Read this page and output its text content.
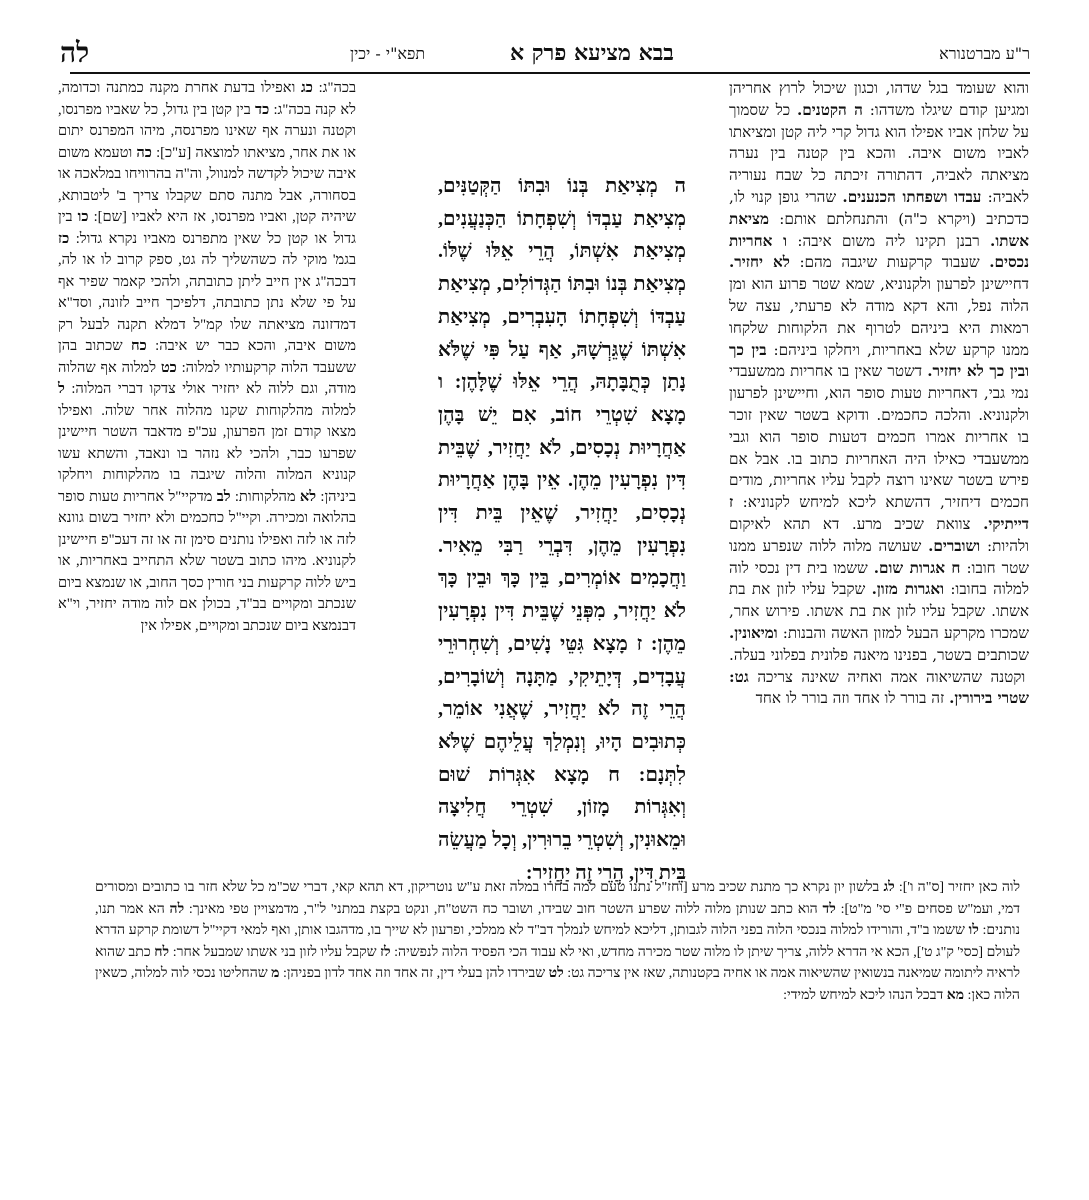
לה	תפא"י - יכין	בבא מציעא פרק א	ר"ע מברטנורא
והוא שעומד בגל שדהו, וכגון שיכול לרוץ אחריהן ומגיען קודם שיגלו משדהו: ה הקטנים. כל שסמוך על שלחן אביו אפילו הוא גדול קרי ליה קטן ומציאתו לאביו משום איבה. והכא בין קטנה בין נערה מציאתה לאביה, דהתורה זיכתה כל שבח נעוריה לאביה: עבדו ושפחתו הכנענים. שהרי גופן קנוי לו, כדכתיב (ויקרא כ"ה) והתנחלתם אותם: מציאת אשתו. רבנן תקינו ליה משום איבה: ו אחריות נכסים. שעבוד קרקעות שיגבה מהם: לא יחזיר. דחיישינן לפרעון ולקנוניא, שמא שטר פרוע הוא ומן הלוה נפל, והא דקא מודה לא פרעתי, עצה של רמאות היא ביניהם לטרוף את הלקוחות שלקחו ממנו קרקע שלא באחריות, ויחלקו ביניהם: בין כך ובין כך לא יחזיר. דשטר שאין בו אחריות ממשעבדי נמי גבי, דאחריות טעות סופר הוא, וחיישינן לפרעון ולקנוניא. והלכה כחכמים. ודוקא בשטר שאין זוכר בו אחריות אמרו חכמים דטעות סופר הוא וגבי ממשעבדי כאילו היה האחריות כתוב בו. אבל אם פירש בשטר שאינו רוצה לקבל עליו אחריות, מודים חכמים דיחזיר, דהשתא ליכא למיחש לקנוניא: ז דייתיקי. צוואת שכיב מרע. דא תהא לאיקום ולהיות: ושוברים. שעושה מלוה ללוה שנפרע ממנו שטר חובו: ח אגרות שום. ששמו בית דין נכסי לוה למלוה בחובו: ואגרות מזון. שקבל עליו לזון את בת אשתו. שקבל עליו לזון את בת אשתו. פירוש אחר, שמכרו מקרקע הבעל למזון האשה והבנות: ומיאונין. שכותבים בשטר, בפנינו מיאנה פלונית בפלוני בעלה. וקטנה שהשיאוה אמה ואחיה שאינה צריכה גט: שטרי בירורין. זה בורר לו אחד וזה בורר לו אחד
ה מְצִיאַת בְּנוֹ וּבִתּוֹ הַקְּטַנִּים, מְצִיאַת עַבְדּוֹ וְשִׁפְחָתוֹ הַכְּנַעֲנִים, מְצִיאַת אִשְׁתּוֹ, הֲרֵי אֵלּוּ שֶׁלּוֹ. מְצִיאַת בְּנוֹ וּבִתּוֹ הַגְּדוֹלִים, מְצִיאַת עַבְדּוֹ וְשִׁפְחָתוֹ הָעִבְרִים, מְצִיאַת אִשְׁתּוֹ שֶׁגֵּרְשָׁהּ, אַף עַל פִּי שֶׁלֹּא נָתַן כְּתֻבָּתָהּ, הֲרֵי אֵלּוּ שֶׁלָּהֶן: ו מָצָא שִׁטְרֵי חוֹב, אִם יֵשׁ בָּהֶן אַחֲרָיוּת נְכָסִים, לֹא יַחֲזִיר, שֶׁבֵּית דִּין נִפְרָעִין מֵהֶן. אֵין בָּהֶן אַחֲרָיוּת נְכָסִים, יַחֲזִיר, שֶׁאֵין בֵּית דִּין נִפְרָעִין מֵהֶן, דִּבְרֵי רַבִּי מֵאִיר. וַחֲכָמִים אוֹמְרִים, בֵּין כָּךְ וּבֵין כָּךְ לֹא יַחֲזִיר, מִפְּנֵי שֶׁבֵּית דִּין נִפְרָעִין מֵהֶן: ז מָצָא גִּטֵּי נָשִׁים, וְשִׁחְרוּרֵי עֲבָדִים, דְּיָתֵיקִי, מַתָּנָה וְשׁוֹבָרִים, הֲרֵי זֶה לֹא יַחֲזִיר, שֶׁאֲנִי אוֹמֵר, כְּתוּבִים הָיוּ, וְנִמְלַךְ עֲלֵיהֶם שֶׁלֹּא לִתְּנָם: ח מָצָא אִגְּרוֹת שׁוּם וְאִגְּרוֹת מָזוֹן, שִׁטְרֵי חֲלִיצָה וּמֵאוּנִין, וְשִׁטְרֵי בֵרוּרִין, וְכָל מַעֲשֵׂה בֵּית דִּין, הֲרֵי זֶה יַחֲזִיר:
בכה"ג: כג ואפילו בדעת אחרת מקנה כמתנה וכדומה, לא קנה בכה"ג: כד בין קטן בין גדול, כל שאביו מפרנסו, וקטנה ונערה אף שאינו מפרנסה, מיהו המפרנס יתום או את אחר, מציאתו למוצאה [ע"כ]: כה וטעמא משום איבה שיכול לקדשה למנוול, וה"ה בהרוויחו במלאכה או בסחורה, אבל מתנה סתם שקבלו צריך ב' ליטבותא, שיהיה קטן, ואביו מפרנסו, אז היא לאביו [שם]: כו בין גדול או קטן כל שאין מתפרנס מאביו נקרא גדול: כז בגמ' מוקי לה כשהשליך לה גט, ספק קרוב לו או לה, דבכה"ג אין חייב ליתן כתובתה, ולהכי קאמר שפיר אף על פי שלא נתן כתובתה, דלפיכך חייב לזונה, וסד"א דמדזונה מציאתה שלו קמ"ל דמלא תקנה לבעל רק משום איבה, והכא כבר יש איבה: כח שכתוב בהן ששעבד הלוה קרקעותיו למלוה: כט למלוה אף שהלוה מודה, וגם ללוה לא יחזיר אולי צדקו דברי המלוה: ל למלוה מהלקוחות שקנו מהלוה אחר שלוה. ואפילו מצאו קודם זמן הפרעון, עכ"פ מדאבד השטר חיישינן שפרעו כבר, ולהכי לא נזהר בו ונאבד, והשתא עשו קנוניא המלוה והלוה שיגבה בו מהלקוחות ויחלקו ביניהן: לא מהלקוחות: לב מדקיי"ל אחריות טעות סופר בהלואה ומכירה. וקיי"ל כחכמים ולא יחזיר בשום גוונא לזה או לזה ואפילו נותנים סימן זה או זה דעכ"פ חיישינן לקנוניא. מיהו כתוב בשטר שלא התחייב באחריות, או ביש ללוה קרקעות בני חורין כסך החוב, או שנמצא ביום שנכתב ומקויים בב"ד, בכולן אם לוה מודה יחזיר, וי"א דבנמצא ביום שנכתב ומקויים, אפילו אין
לוה כאן יחזיר [ס"ה ו']: לג בלשון יון נקרא כך מתנת שכיב מרע [וחז"ל נתנו טעם למה בחרו במלה זאת ע"ש נוטריקון, דא תהא קאי, דברי שכ"מ כל שלא חזר בו כתובים ומסורים דמי, ועמ"ש פסחים פ"י סי' מ"ט]: לד הוא כתב שנותן מלוה ללוה שפרע השטר חוב שבידו, ושובר כח השט"ח, ונקט בקצת במתני' ל"ר, מדמצויין טפי מאינך: לה הא אמר תנו, נותנים: לו ששמו ב"ד, והורידו למלוה בנכסי הלוה בפני הלוה לגבותן, דליכא למיחש לנמלך דב"ד לא ממלכי, ופרעון לא שייך בו, מדהגבו אותן, ואף למאי דקיי"ל דשומת קרקע הדרא לעולם [כסי' ק"ג ט'], הכא אי הדרא ללוה, צריך שיתן לו מלוה שטר מכירה מחדש, ואי לא עבוד הכי הפסיד הלוה לנפשיה: לז שקבל עליו לזון בני אשתו שמבעל אחר: לח כתב שהוא לראיה ליתומה שמיאנה בנשואין שהשיאוה אמה או אחיה בקטנותה, שאז אין צריכה גט: לט שבירדו להן בעלי דין, זה אחד וזה אחד לדון בפניהן: מ שהחליטו נכסי לוה למלוה, כשאין הלוה כאן: מא דבכל הנהו ליכא למיחש למידי:
